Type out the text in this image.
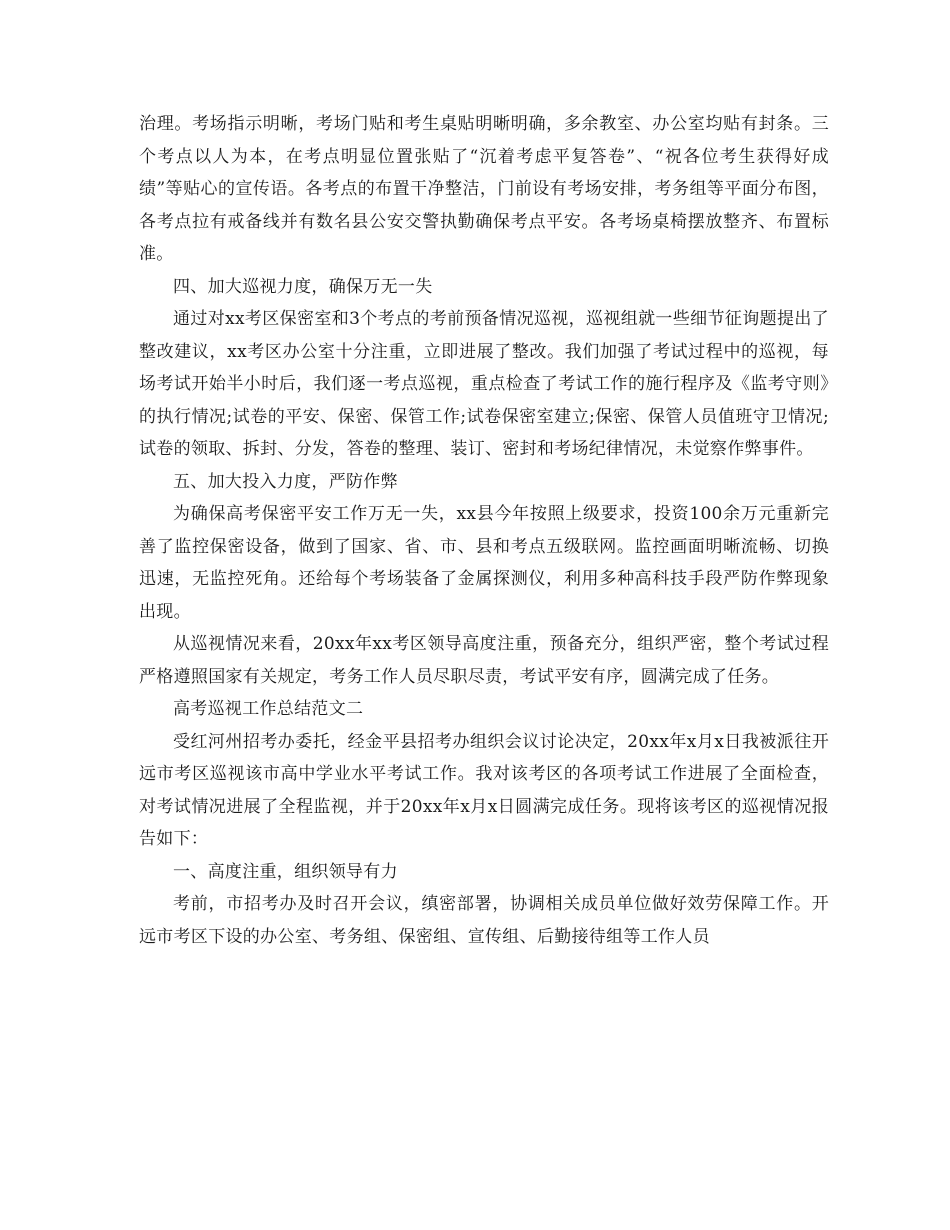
治理。考场指示明晰，考场门贴和考生桌贴明晰明确，多余教室、办公室均贴有封条。三个考点以人为本，在考点明显位置张贴了“沉着考虑平复答卷”、“祝各位考生获得好成绩”等贴心的宣传语。各考点的布置干净整洁，门前设有考场安排，考务组等平面分布图，各考点拉有戒备线并有数名县公安交警执勤确保考点平安。各考场桌椅摆放整齐、布置标准。

四、加大巡视力度，确保万无一失

通过对xx考区保密室和3个考点的考前预备情况巡视，巡视组就一些细节征询题提出了整改建议，xx考区办公室十分注重，立即进展了整改。我们加强了考试过程中的巡视，每场考试开始半小时后，我们逐一考点巡视，重点检查了考试工作的施行程序及《监考守则》的执行情况;试卷的平安、保密、保管工作;试卷保密室建立;保密、保管人员值班守卫情况;试卷的领取、拆封、分发，答卷的整理、装订、密封和考场纪律情况，未觉察作弊事件。

五、加大投入力度，严防作弊

为确保高考保密平安工作万无一失，xx县今年按照上级要求，投资100余万元重新完善了监控保密设备，做到了国家、省、市、县和考点五级联网。监控画面明晰流畅、切换迅速，无监控死角。还给每个考场装备了金属探测仪，利用多种高科技手段严防作弊现象出现。

从巡视情况来看，20xx年xx考区领导高度注重，预备充分，组织严密，整个考试过程严格遵照国家有关规定，考务工作人员尽职尽责，考试平安有序，圆满完成了任务。

高考巡视工作总结范文二

受红河州招考办委托，经金平县招考办组织会议讨论决定，20xx年x月x日我被派往开远市考区巡视该市高中学业水平考试工作。我对该考区的各项考试工作进展了全面检查，对考试情况进展了全程监视，并于20xx年x月x日圆满完成任务。现将该考区的巡视情况报告如下：

一、高度注重，组织领导有力

考前，市招考办及时召开会议，缜密部署，协调相关成员单位做好效劳保障工作。开远市考区下设的办公室、考务组、保密组、宣传组、后勤接待组等工作人员
